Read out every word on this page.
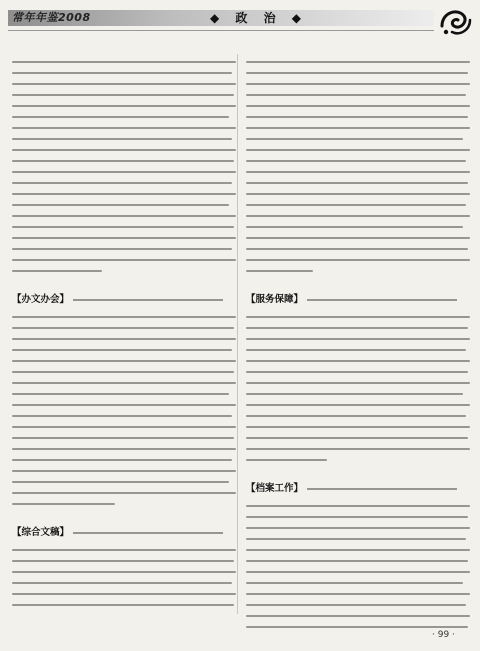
常年年鉴2008	◆ 政 治 ◆
【办文办会】
【综合文稿】
【服务保障】
【档案工作】
· 99 ·
